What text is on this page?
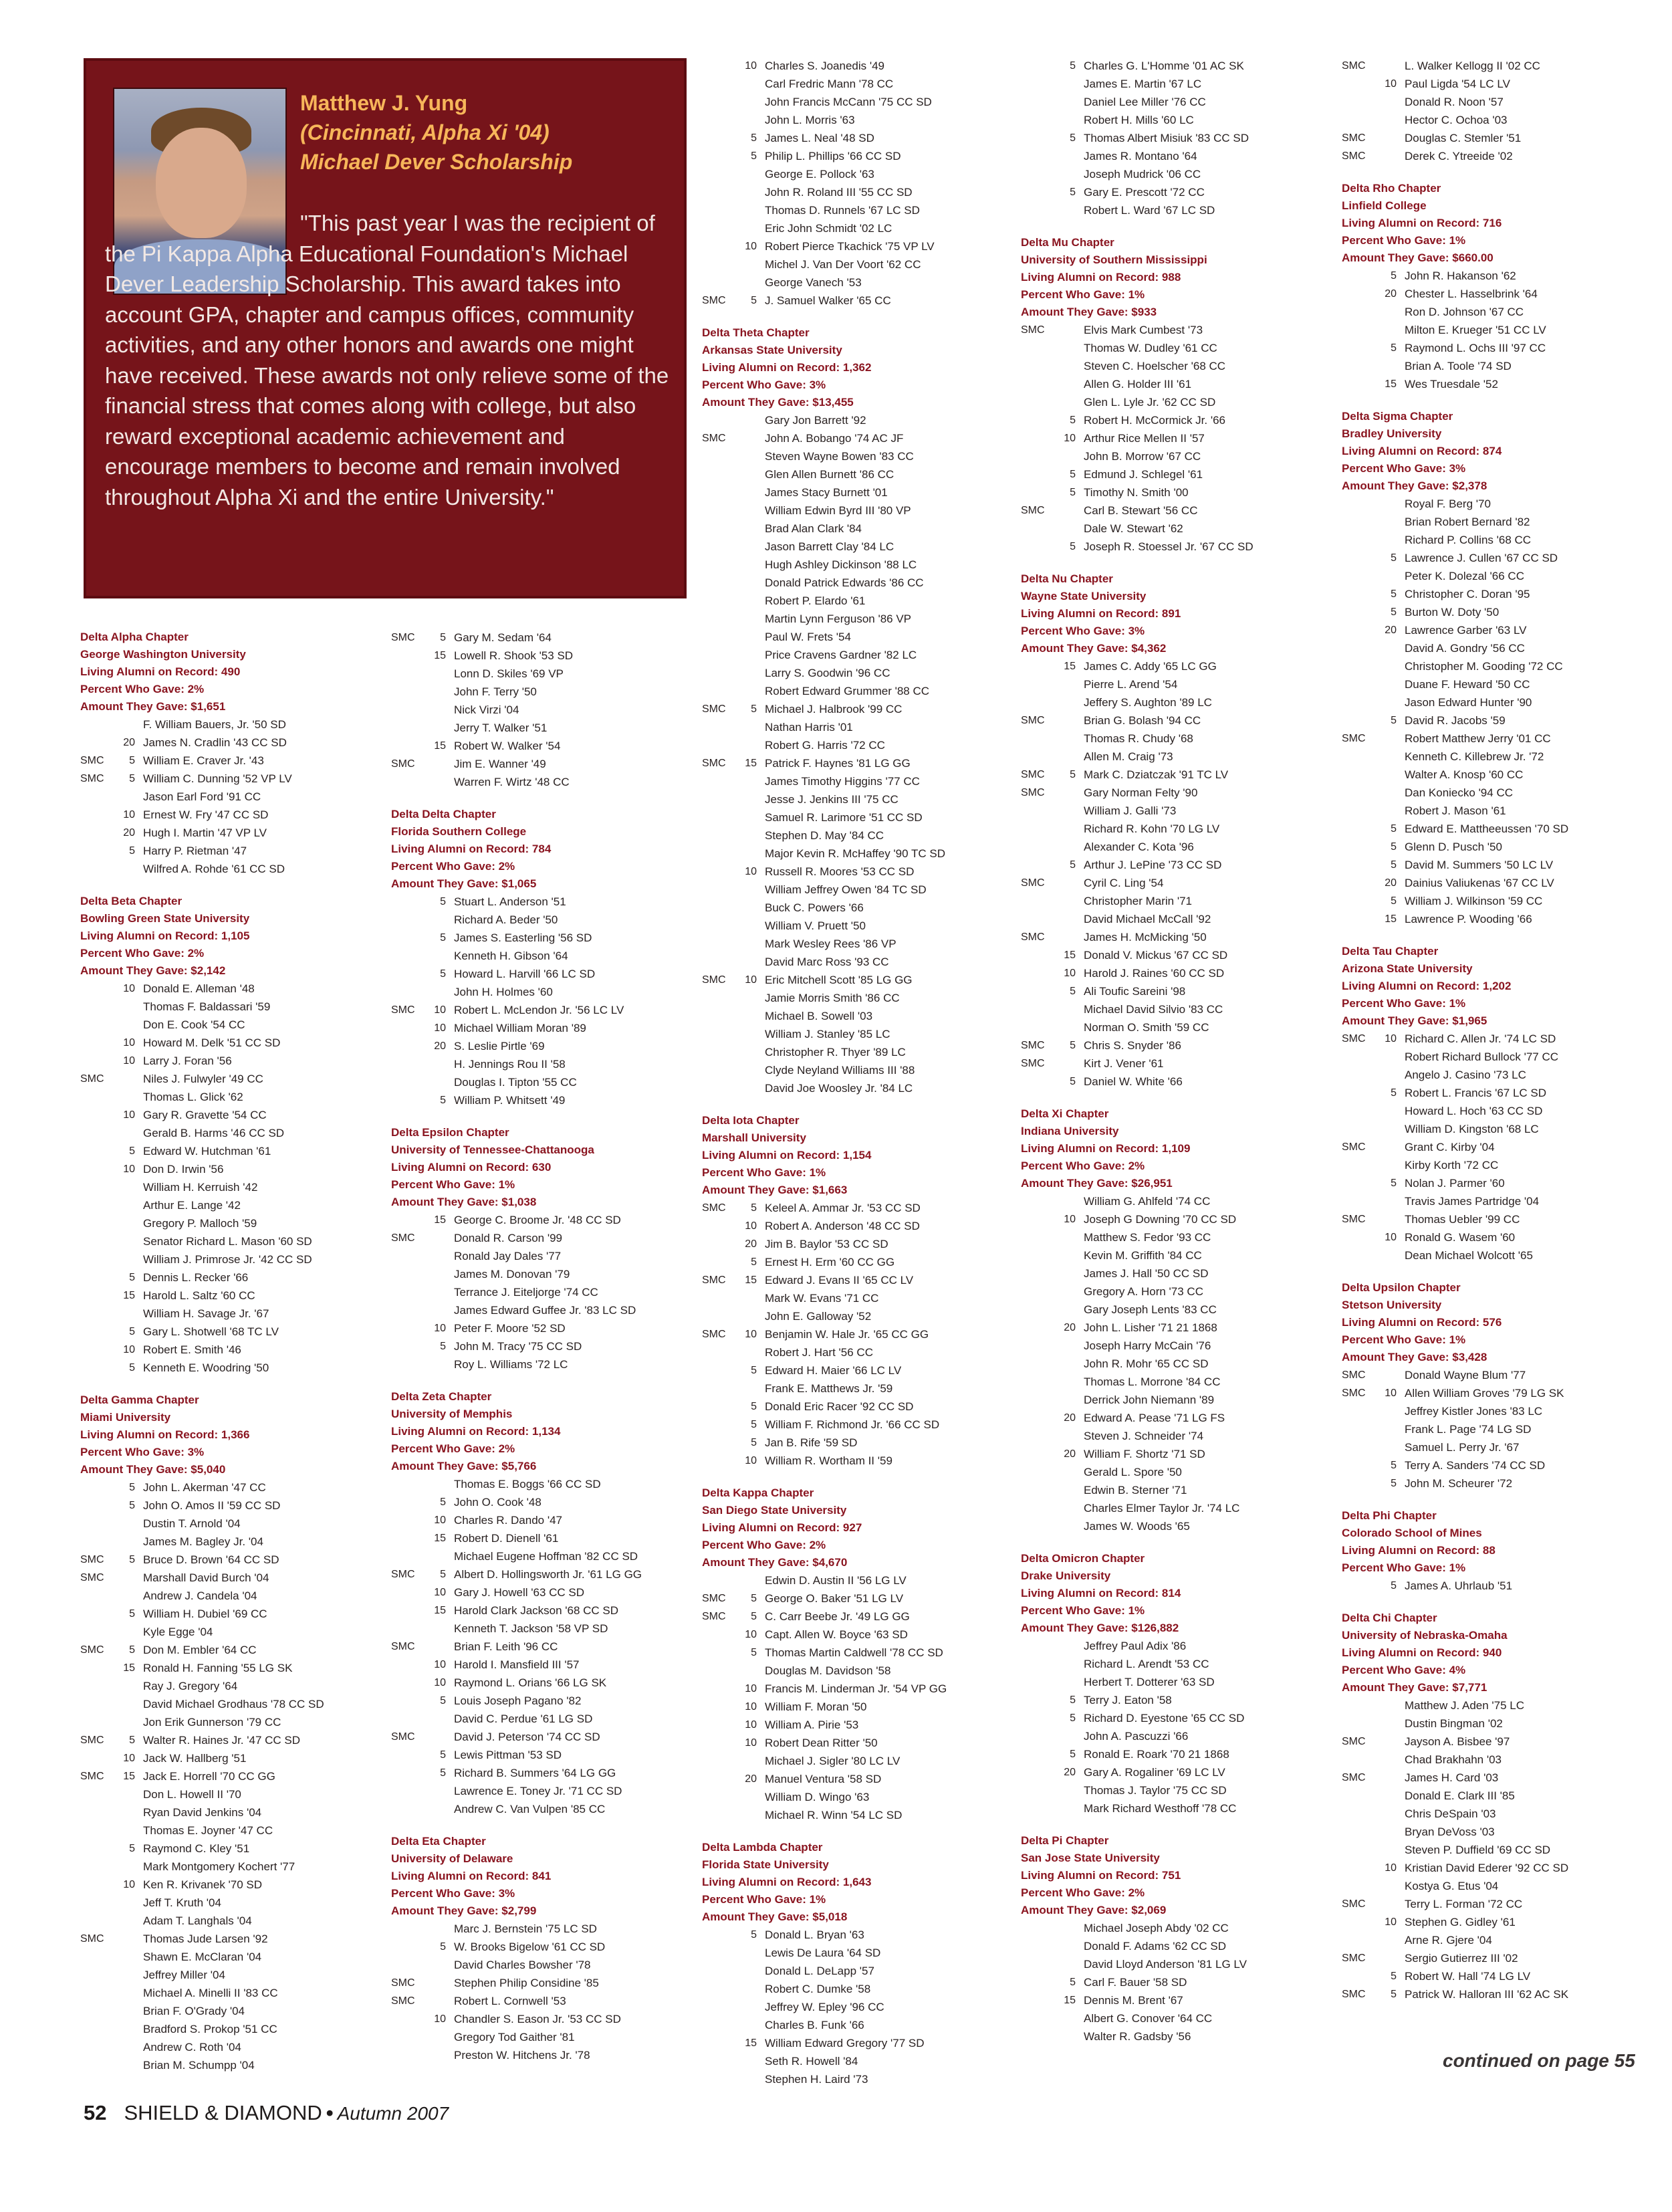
Matthew J. Yung
(Cincinnati, Alpha Xi '04)
Michael Dever Scholarship
"This past year I was the recipient of the Pi Kappa Alpha Educational Foundation's Michael Dever Leadership Scholarship. This award takes into account GPA, chapter and campus offices, community activities, and any other honors and awards one might have received. These awards not only relieve some of the financial stress that comes along with college, but also reward exceptional academic achievement and encourage members to become and remain involved throughout Alpha Xi and the entire University."
Delta Alpha Chapter
George Washington University
Living Alumni on Record: 490
Percent Who Gave: 2%
Amount They Gave: $1,651
F. William Bauers, Jr. '50 SD
20 James N. Cradlin '43 CC SD
SMC	5 William E. Craver Jr. '43
SMC	5 William C. Dunning '52 VP LV
Jason Earl Ford '91 CC
10 Ernest W. Fry '47 CC SD
20 Hugh I. Martin '47 VP LV
5 Harry P. Rietman '47
Wilfred A. Rohde '61 CC SD
Delta Beta Chapter
Bowling Green State University
Living Alumni on Record: 1,105
Percent Who Gave: 2%
Amount They Gave: $2,142
10 Donald E. Alleman '48
Thomas F. Baldassari '59
Don E. Cook '54 CC
10 Howard M. Delk '51 CC SD
10 Larry J. Foran '56
SMC	Niles J. Fulwyler '49 CC
Thomas L. Glick '62
10 Gary R. Gravette '54 CC
Gerald B. Harms '46 CC SD
5 Edward W. Hutchman '61
10 Don D. Irwin '56
William H. Kerruish '42
Arthur E. Lange '42
Gregory P. Malloch '59
Senator Richard L. Mason '60 SD
William J. Primrose Jr. '42 CC SD
5 Dennis L. Recker '66
15 Harold L. Saltz '60 CC
William H. Savage Jr. '67
5 Gary L. Shotwell '68 TC LV
10 Robert E. Smith '46
5 Kenneth E. Woodring '50
Delta Gamma Chapter
Miami University
Living Alumni on Record: 1,366
Percent Who Gave: 3%
Amount They Gave: $5,040
5 John L. Akerman '47 CC
5 John O. Amos II '59 CC SD
Dustin T. Arnold '04
James M. Bagley Jr. '04
SMC	5 Bruce D. Brown '64 CC SD
SMC	Marshall David Burch '04
Andrew J. Candela '04
5 William H. Dubiel '69 CC
Kyle Egge '04
SMC	5 Don M. Embler '64 CC
15 Ronald H. Fanning '55 LG SK
Ray J. Gregory '64
David Michael Grodhaus '78 CC SD
Jon Erik Gunnerson '79 CC
SMC	5 Walter R. Haines Jr. '47 CC SD
10 Jack W. Hallberg '51
SMC	15 Jack E. Horrell '70 CC GG
Don L. Howell II '70
Ryan David Jenkins '04
Thomas E. Joyner '47 CC
5 Raymond C. Kley '51
Mark Montgomery Kochert '77
10 Ken R. Krivanek '70 SD
Jeff T. Kruth '04
Adam T. Langhals '04
SMC	Thomas Jude Larsen '92
Shawn E. McClaran '04
Jeffrey Miller '04
Michael A. Minelli II '83 CC
Brian F. O'Grady '04
Bradford S. Prokop '51 CC
Andrew C. Roth '04
Brian M. Schumpp '04
SMC	5 Gary M. Sedam '64
15 Lowell R. Shook '53 SD
Lonn D. Skiles '69 VP
John F. Terry '50
Nick Virzi '04
Jerry T. Walker '51
15 Robert W. Walker '54
SMC	Jim E. Wanner '49
Warren F. Wirtz '48 CC
Delta Delta Chapter
Florida Southern College
Living Alumni on Record: 784
Percent Who Gave: 2%
Amount They Gave: $1,065
5 Stuart L. Anderson '51
Richard A. Beder '50
5 James S. Easterling '56 SD
Kenneth H. Gibson '64
5 Howard L. Harvill '66 LC SD
John H. Holmes '60
SMC	10 Robert L. McLendon Jr. '56 LC LV
10 Michael William Moran '89
20 S. Leslie Pirtle '69
H. Jennings Rou II '58
Douglas I. Tipton '55 CC
5 William P. Whitsett '49
Delta Epsilon Chapter
University of Tennessee-Chattanooga
Living Alumni on Record: 630
Percent Who Gave: 1%
Amount They Gave: $1,038
15 George C. Broome Jr. '48 CC SD
SMC	Donald R. Carson '99
Ronald Jay Dales '77
James M. Donovan '79
Terrance J. Eiteljorge '74 CC
James Edward Guffee Jr. '83 LC SD
10 Peter F. Moore '52 SD
5 John M. Tracy '75 CC SD
Roy L. Williams '72 LC
Delta Zeta Chapter
University of Memphis
Living Alumni on Record: 1,134
Percent Who Gave: 2%
Amount They Gave: $5,766
Thomas E. Boggs '66 CC SD
5 John O. Cook '48
10 Charles R. Dando '47
15 Robert D. Dienell '61
Michael Eugene Hoffman '82 CC SD
SMC	5 Albert D. Hollingsworth Jr. '61 LG GG
10 Gary J. Howell '63 CC SD
15 Harold Clark Jackson '68 CC SD
Kenneth T. Jackson '58 VP SD
SMC	Brian F. Leith '96 CC
10 Harold I. Mansfield III '57
10 Raymond L. Orians '66 LG SK
5 Louis Joseph Pagano '82
David C. Perdue '61 LG SD
SMC	David J. Peterson '74 CC SD
5 Lewis Pittman '53 SD
5 Richard B. Summers '64 LG GG
Lawrence E. Toney Jr. '71 CC SD
Andrew C. Van Vulpen '85 CC
Delta Eta Chapter
University of Delaware
Living Alumni on Record: 841
Percent Who Gave: 3%
Amount They Gave: $2,799
Marc J. Bernstein '75 LC SD
5 W. Brooks Bigelow '61 CC SD
David Charles Bowsher '78
SMC	Stephen Philip Considine '85
SMC	Robert L. Cornwell '53
10 Chandler S. Eason Jr. '53 CC SD
Gregory Tod Gaither '81
Preston W. Hitchens Jr. '78
10 Charles S. Joanedis '49
Carl Fredric Mann '78 CC
John Francis McCann '75 CC SD
John L. Morris '63
5 James L. Neal '48 SD
5 Philip L. Phillips '66 CC SD
George E. Pollock '63
John R. Roland III '55 CC SD
Thomas D. Runnels '67 LC SD
Eric John Schmidt '02 LC
10 Robert Pierce Tkachick '75 VP LV
Michel J. Van Der Voort '62 CC
George Vanech '53
SMC	5 J. Samuel Walker '65 CC
Delta Theta Chapter
Arkansas State University
Living Alumni on Record: 1,362
Percent Who Gave: 3%
Amount They Gave: $13,455
Gary Jon Barrett '92
SMC	John A. Bobango '74 AC JF
Steven Wayne Bowen '83 CC
Glen Allen Burnett '86 CC
James Stacy Burnett '01
William Edwin Byrd III '80 VP
Brad Alan Clark '84
Jason Barrett Clay '84 LC
Hugh Ashley Dickinson '88 LC
Donald Patrick Edwards '86 CC
Robert P. Elardo '61
Martin Lynn Ferguson '86 VP
Paul W. Frets '54
Price Cravens Gardner '82 LC
Larry S. Goodwin '96 CC
Robert Edward Grummer '88 CC
SMC	5 Michael J. Halbrook '99 CC
Nathan Harris '01
Robert G. Harris '72 CC
SMC	15 Patrick F. Haynes '81 LG GG
James Timothy Higgins '77 CC
Jesse J. Jenkins III '75 CC
Samuel R. Larimore '51 CC SD
Stephen D. May '84 CC
Major Kevin R. McHaffey '90 TC SD
10 Russell R. Moores '53 CC SD
William Jeffrey Owen '84 TC SD
Buck C. Powers '66
William V. Pruett '50
Mark Wesley Rees '86 VP
David Marc Ross '93 CC
SMC	10 Eric Mitchell Scott '85 LG GG
Jamie Morris Smith '86 CC
Michael B. Sowell '03
William J. Stanley '85 LC
Christopher R. Thyer '89 LC
Clyde Neyland Williams III '88
David Joe Woosley Jr. '84 LC
Delta Iota Chapter
Marshall University
Living Alumni on Record: 1,154
Percent Who Gave: 1%
Amount They Gave: $1,663
SMC	5 Keleel A. Ammar Jr. '53 CC SD
10 Robert A. Anderson '48 CC SD
20 Jim B. Baylor '53 CC SD
5 Ernest H. Erm '60 CC GG
SMC	15 Edward J. Evans II '65 CC LV
Mark W. Evans '71 CC
John E. Galloway '52
SMC	10 Benjamin W. Hale Jr. '65 CC GG
Robert J. Hart '56 CC
5 Edward H. Maier '66 LC LV
Frank E. Matthews Jr. '59
5 Donald Eric Racer '92 CC SD
5 William F. Richmond Jr. '66 CC SD
5 Jan B. Rife '59 SD
10 William R. Wortham II '59
Delta Kappa Chapter
San Diego State University
Living Alumni on Record: 927
Percent Who Gave: 2%
Amount They Gave: $4,670
Edwin D. Austin II '56 LG LV
SMC	5 George O. Baker '51 LG LV
SMC	5 C. Carr Beebe Jr. '49 LG GG
10 Capt. Allen W. Boyce '63 SD
5 Thomas Martin Caldwell '78 CC SD
Douglas M. Davidson '58
10 Francis M. Linderman Jr. '54 VP GG
10 William F. Moran '50
10 William A. Pirie '53
10 Robert Dean Ritter '50
Michael J. Sigler '80 LC LV
20 Manuel Ventura '58 SD
William D. Wingo '63
Michael R. Winn '54 LC SD
Delta Lambda Chapter
Florida State University
Living Alumni on Record: 1,643
Percent Who Gave: 1%
Amount They Gave: $5,018
5 Donald L. Bryan '63
Lewis De Laura '64 SD
Donald L. DeLapp '57
Robert C. Dumke '58
Jeffrey W. Epley '96 CC
Charles B. Funk '66
15 William Edward Gregory '77 SD
Seth R. Howell '84
Stephen H. Laird '73
5 Charles G. L'Homme '01 AC SK
James E. Martin '67 LC
Daniel Lee Miller '76 CC
Robert H. Mills '60 LC
5 Thomas Albert Misiuk '83 CC SD
James R. Montano '64
Joseph Mudrick '06 CC
5 Gary E. Prescott '72 CC
Robert L. Ward '67 LC SD
Delta Mu Chapter
University of Southern Mississippi
Living Alumni on Record: 988
Percent Who Gave: 1%
Amount They Gave: $933
SMC	Elvis Mark Cumbest '73
Thomas W. Dudley '61 CC
Steven C. Hoelscher '68 CC
Allen G. Holder III '61
Glen L. Lyle Jr. '62 CC SD
5 Robert H. McCormick Jr. '66
10 Arthur Rice Mellen II '57
John B. Morrow '67 CC
5 Edmund J. Schlegel '61
5 Timothy N. Smith '00
SMC	Carl B. Stewart '56 CC
Dale W. Stewart '62
5 Joseph R. Stoessel Jr. '67 CC SD
Delta Nu Chapter
Wayne State University
Living Alumni on Record: 891
Percent Who Gave: 3%
Amount They Gave: $4,362
15 James C. Addy '65 LC GG
Pierre L. Arend '54
Jeffery S. Aughton '89 LC
SMC	Brian G. Bolash '94 CC
Thomas R. Chudy '68
Allen M. Craig '73
SMC	5 Mark C. Dziatczak '91 TC LV
SMC	Gary Norman Felty '90
William J. Galli '73
Richard R. Kohn '70 LG LV
Alexander C. Kota '96
5 Arthur J. LePine '73 CC SD
SMC	Cyril C. Ling '54
Christopher Marin '71
David Michael McCall '92
SMC	James H. McMicking '50
15 Donald V. Mickus '67 CC SD
10 Harold J. Raines '60 CC SD
5 Ali Toufic Sareini '98
Michael David Silvio '83 CC
Norman O. Smith '59 CC
SMC	5 Chris S. Snyder '86
SMC	Kirt J. Vener '61
5 Daniel W. White '66
Delta Xi Chapter
Indiana University
Living Alumni on Record: 1,109
Percent Who Gave: 2%
Amount They Gave: $26,951
William G. Ahlfeld '74 CC
10 Joseph G Downing '70 CC SD
Matthew S. Fedor '93 CC
Kevin M. Griffith '84 CC
James J. Hall '50 CC SD
Gregory A. Horn '73 CC
Gary Joseph Lents '83 CC
20 John L. Lisher '71 21 1868
Joseph Harry McCain '76
John R. Mohr '65 CC SD
Thomas L. Morrone '84 CC
Derrick John Niemann '89
20 Edward A. Pease '71 LG FS
Steven J. Schneider '74
20 William F. Shortz '71 SD
Gerald L. Spore '50
Edwin B. Sterner '71
Charles Elmer Taylor Jr. '74 LC
James W. Woods '65
Delta Omicron Chapter
Drake University
Living Alumni on Record: 814
Percent Who Gave: 1%
Amount They Gave: $126,882
Jeffrey Paul Adix '86
Richard L. Arendt '53 CC
Herbert T. Dotterer '63 SD
5 Terry J. Eaton '58
5 Richard D. Eyestone '65 CC SD
John A. Pascuzzi '66
5 Ronald E. Roark '70 21 1868
20 Gary A. Rogaliner '69 LC LV
Thomas J. Taylor '75 CC SD
Mark Richard Westhoff '78 CC
Delta Pi Chapter
San Jose State University
Living Alumni on Record: 751
Percent Who Gave: 2%
Amount They Gave: $2,069
Michael Joseph Abdy '02 CC
Donald F. Adams '62 CC SD
David Lloyd Anderson '81 LG LV
5 Carl F. Bauer '58 SD
15 Dennis M. Brent '67
Albert G. Conover '64 CC
Walter R. Gadsby '56
SMC	L. Walker Kellogg II '02 CC
10 Paul Ligda '54 LC LV
Donald R. Noon '57
Hector C. Ochoa '03
SMC	Douglas C. Stemler '51
SMC	Derek C. Ytreeide '02
Delta Rho Chapter
Linfield College
Living Alumni on Record: 716
Percent Who Gave: 1%
Amount They Gave: $660.00
5 John R. Hakanson '62
20 Chester L. Hasselbrink '64
Ron D. Johnson '67 CC
Milton E. Krueger '51 CC LV
5 Raymond L. Ochs III '97 CC
Brian A. Toole '74 SD
15 Wes Truesdale '52
Delta Sigma Chapter
Bradley University
Living Alumni on Record: 874
Percent Who Gave: 3%
Amount They Gave: $2,378
Royal F. Berg '70
Brian Robert Bernard '82
Richard P. Collins '68 CC
5 Lawrence J. Cullen '67 CC SD
Peter K. Dolezal '66 CC
5 Christopher C. Doran '95
5 Burton W. Doty '50
20 Lawrence Garber '63 LV
David A. Gondry '56 CC
Christopher M. Gooding '72 CC
Duane F. Heward '50 CC
Jason Edward Hunter '90
5 David R. Jacobs '59
SMC	Robert Matthew Jerry '01 CC
Kenneth C. Killebrew Jr. '72
Walter A. Knosp '60 CC
Dan Koniecko '94 CC
Robert J. Mason '61
5 Edward E. Mattheeussen '70 SD
5 Glenn D. Pusch '50
5 David M. Summers '50 LC LV
20 Dainius Valiukenas '67 CC LV
5 William J. Wilkinson '59 CC
15 Lawrence P. Wooding '66
Delta Tau Chapter
Arizona State University
Living Alumni on Record: 1,202
Percent Who Gave: 1%
Amount They Gave: $1,965
SMC	10 Richard C. Allen Jr. '74 LC SD
Robert Richard Bullock '77 CC
Angelo J. Casino '73 LC
5 Robert L. Francis '67 LC SD
Howard L. Hoch '63 CC SD
William D. Kingston '68 LC
SMC	Grant C. Kirby '04
Kirby Korth '72 CC
5 Nolan J. Parmer '60
Travis James Partridge '04
SMC	Thomas Uebler '99 CC
10 Ronald G. Wasem '60
Dean Michael Wolcott '65
Delta Upsilon Chapter
Stetson University
Living Alumni on Record: 576
Percent Who Gave: 1%
Amount They Gave: $3,428
SMC	Donald Wayne Blum '77
SMC	10 Allen William Groves '79 LG SK
Jeffrey Kistler Jones '83 LC
Frank L. Page '74 LG SD
Samuel L. Perry Jr. '67
5 Terry A. Sanders '74 CC SD
5 John M. Scheurer '72
Delta Phi Chapter
Colorado School of Mines
Living Alumni on Record: 88
Percent Who Gave: 1%
5 James A. Uhrlaub '51
Delta Chi Chapter
University of Nebraska-Omaha
Living Alumni on Record: 940
Percent Who Gave: 4%
Amount They Gave: $7,771
Matthew J. Aden '75 LC
Dustin Bingman '02
SMC	Jayson A. Bisbee '97
Chad Brakhahn '03
SMC	James H. Card '03
Donald E. Clark III '85
Chris DeSpain '03
Bryan DeVoss '03
Steven P. Duffield '69 CC SD
10 Kristian David Ederer '92 CC SD
Kostya G. Etus '04
SMC	Terry L. Forman '72 CC
10 Stephen G. Gidley '61
Arne R. Gjere '04
SMC	Sergio Gutierrez III '02
5 Robert W. Hall '74 LG LV
SMC	5 Patrick W. Halloran III '62 AC SK
continued on page 55
52 SHIELD & DIAMOND • Autumn 2007
